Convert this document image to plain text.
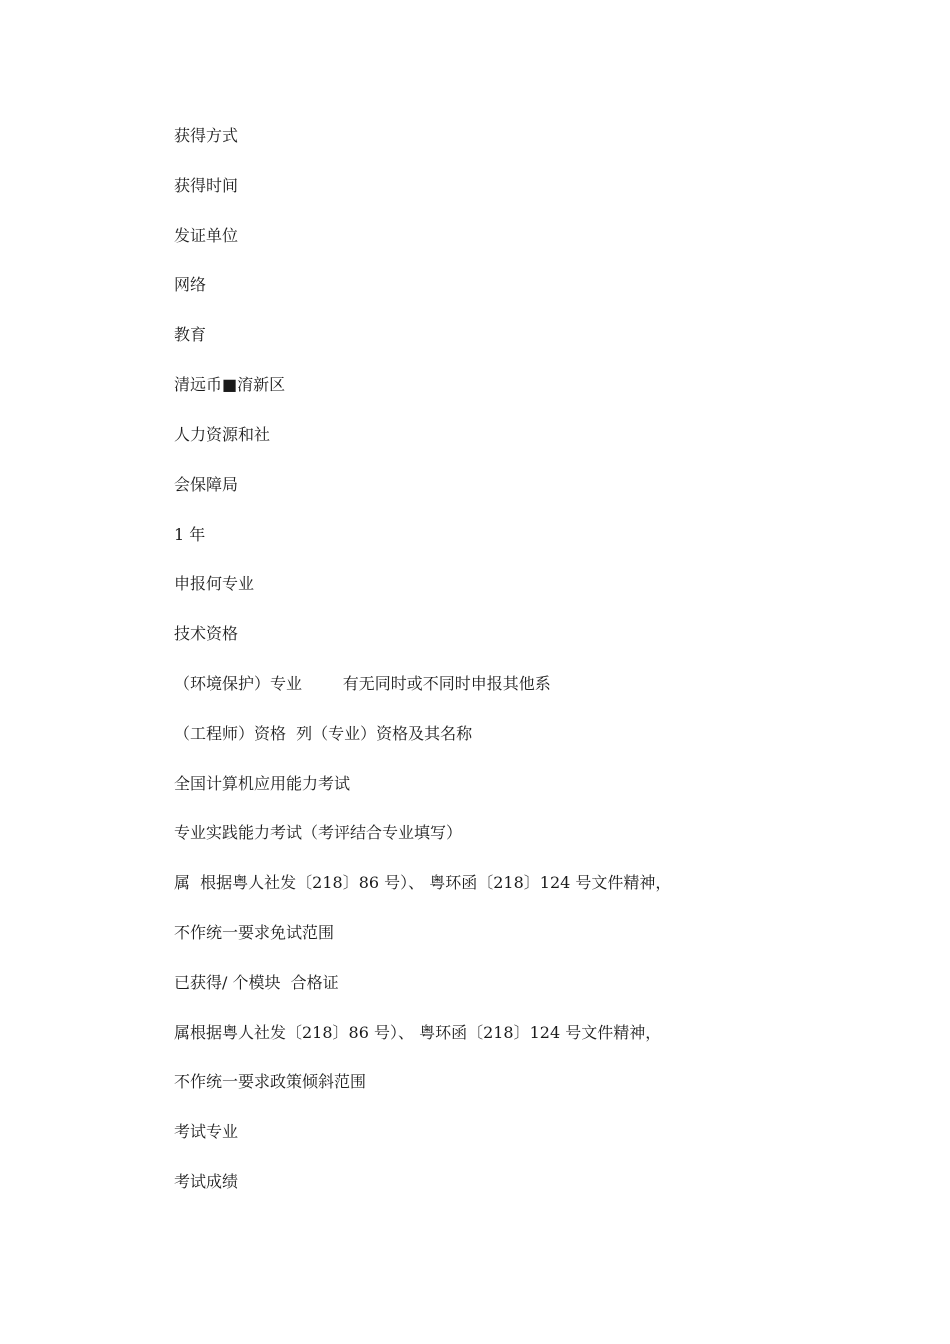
获得方式
获得时间
发证单位
网络
教育
清远币■淯新区
人力资源和社
会保障局
1 年
申报何专业
技术资格
（环境保护）专业        有无同时或不同时申报其他系
（工程师）资格  列（专业）资格及其名称
全国计算机应用能力考试
专业实践能力考试（考评结合专业填写）
属  根据粤人社发〔218〕86 号）、 粤环函〔218〕124 号文件精神，
不作统一要求免试范围
已获得/ 个模块  合格证
属根据粤人社发〔218〕86 号）、 粤环函〔218〕124 号文件精神，
不作统一要求政策倾斜范围
考试专业
考试成绩
